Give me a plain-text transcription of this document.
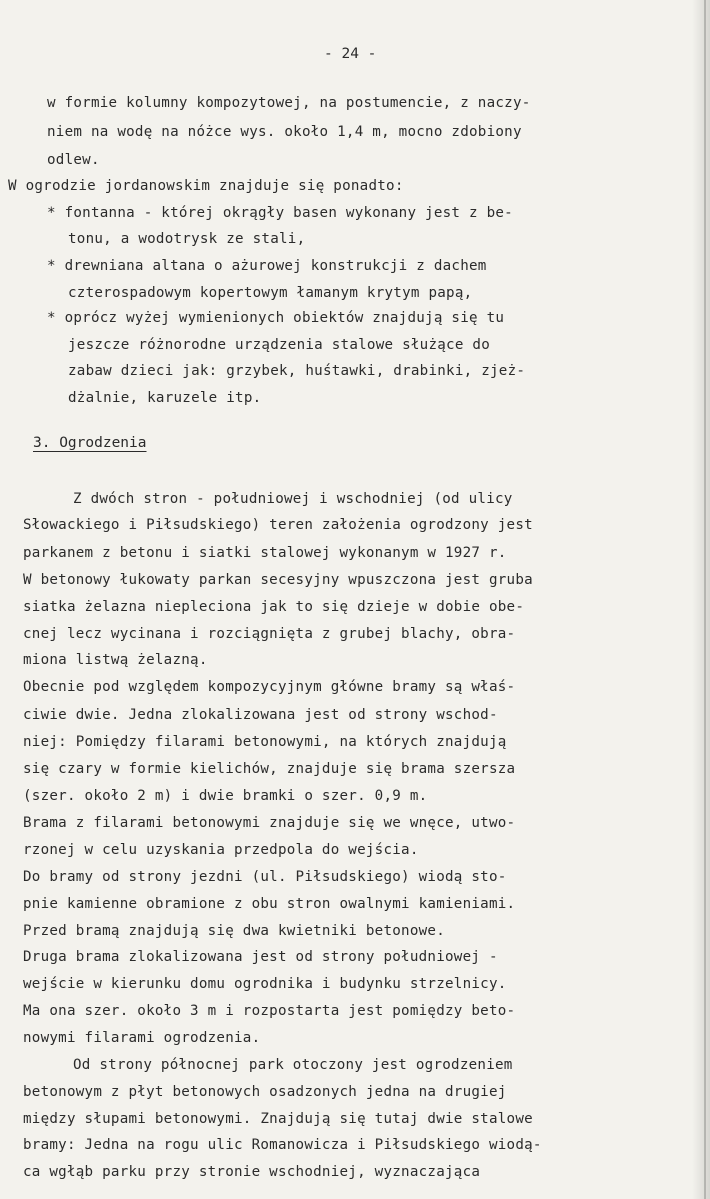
- 24 -
w formie kolumny kompozytowej, na postumencie, z naczy-
niem na wodę na nóżce wys. około 1,4 m, mocno zdobiony
odlew.
W ogrodzie jordanowskim znajduje się ponadto:
* fontanna - której okrągły basen wykonany jest z be-
tonu, a wodotrysk ze stali,
* drewniana altana o ażurowej konstrukcji z dachem
czterospadowym kopertowym łamanym krytym papą,
* oprócz wyżej wymienionych obiektów znajdują się tu
jeszcze różnorodne urządzenia stalowe służące do
zabaw dzieci jak: grzybek, huśtawki, drabinki, zjeż-
dżalnie, karuzele itp.
3. Ogrodzenia
Z dwóch stron - południowej i wschodniej (od ulicy
Słowackiego i Piłsudskiego) teren założenia ogrodzony jest
parkanem z betonu i siatki stalowej wykonanym w 1927 r.
W betonowy łukowaty parkan secesyjny wpuszczona jest gruba
siatka żelazna niepleciona jak to się dzieje w dobie obe-
cnej lecz wycinana i rozciągnięta z grubej blachy, obra-
miona listwą żelazną.
Obecnie pod względem kompozycyjnym główne bramy są właś-
ciwie dwie. Jedna zlokalizowana jest od strony wschod-
niej: Pomiędzy filarami betonowymi, na których znajdują
się czary w formie kielichów, znajduje się brama szersza
(szer. około 2 m) i dwie bramki o szer. 0,9 m.
Brama z filarami betonowymi znajduje się we wnęce, utwo-
rzonej w celu uzyskania przedpola do wejścia.
Do bramy od strony jezdni (ul. Piłsudskiego) wiodą sto-
pnie kamienne obramione z obu stron owalnymi kamieniami.
Przed bramą znajdują się dwa kwietniki betonowe.
Druga brama zlokalizowana jest od strony południowej -
wejście w kierunku domu ogrodnika i budynku strzelnicy.
Ma ona szer. około 3 m i rozpostarta jest pomiędzy beto-
nowymi filarami ogrodzenia.
Od strony północnej park otoczony jest ogrodzeniem
betonowym z płyt betonowych osadzonych jedna na drugiej
między słupami betonowymi. Znajdują się tutaj dwie stalowe
bramy: Jedna na rogu ulic Romanowicza i Piłsudskiego wiodą-
ca wgłąb parku przy stronie wschodniej, wyznaczająca
